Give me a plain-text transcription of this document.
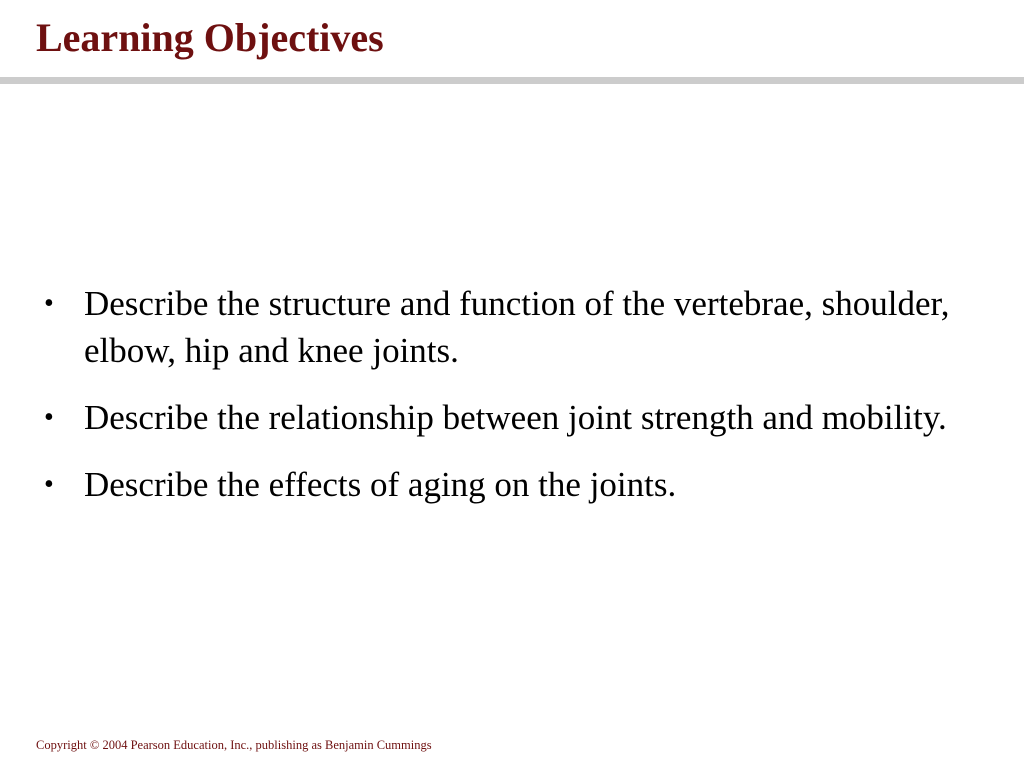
Learning Objectives
• Describe the structure and function of the vertebrae, shoulder, elbow, hip and knee joints.
• Describe the relationship between joint strength and mobility.
• Describe the effects of aging on the joints.

Copyright © 2004 Pearson Education, Inc., publishing as Benjamin Cummings
